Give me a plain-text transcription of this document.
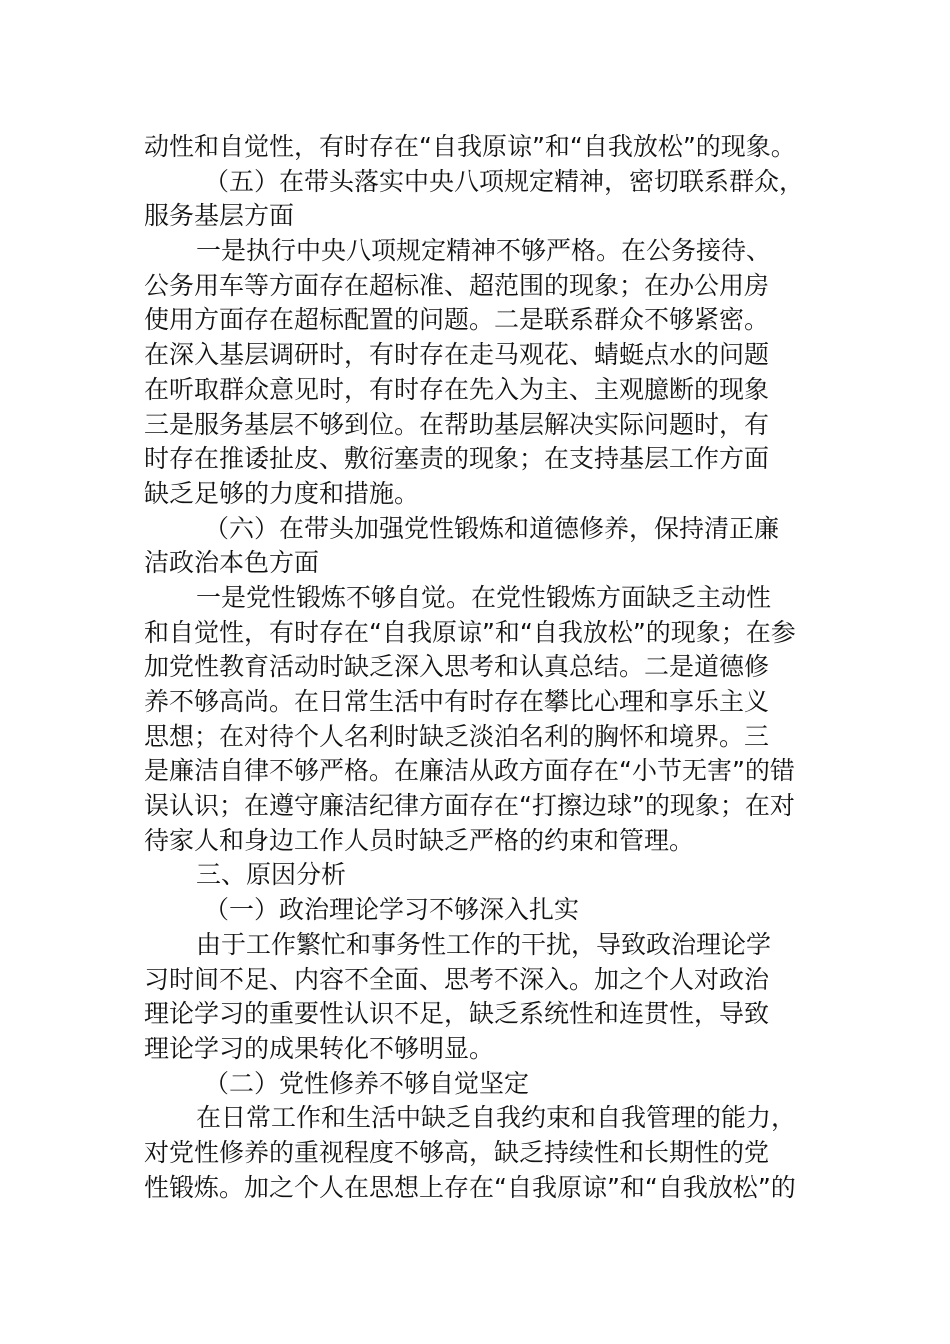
动性和自觉性，有时存在“自我原谅”和“自我放松”的现象。
（五）在带头落实中央八项规定精神，密切联系群众，
服务基层方面
一是执行中央八项规定精神不够严格。在公务接待、
公务用车等方面存在超标准、超范围的现象；在办公用房
使用方面存在超标配置的问题。二是联系群众不够紧密。
在深入基层调研时，有时存在走马观花、蜻蜓点水的问题
在听取群众意见时，有时存在先入为主、主观臆断的现象
三是服务基层不够到位。在帮助基层解决实际问题时，有
时存在推诿扯皮、敷衍塞责的现象；在支持基层工作方面
缺乏足够的力度和措施。
（六）在带头加强党性锻炼和道德修养，保持清正廉
洁政治本色方面
一是党性锻炼不够自觉。在党性锻炼方面缺乏主动性
和自觉性，有时存在“自我原谅”和“自我放松”的现象；在参
加党性教育活动时缺乏深入思考和认真总结。二是道德修
养不够高尚。在日常生活中有时存在攀比心理和享乐主义
思想；在对待个人名利时缺乏淡泊名利的胸怀和境界。三
是廉洁自律不够严格。在廉洁从政方面存在“小节无害”的错
误认识；在遵守廉洁纪律方面存在“打擦边球”的现象；在对
待家人和身边工作人员时缺乏严格的约束和管理。
三、原因分析
（一）政治理论学习不够深入扎实
由于工作繁忙和事务性工作的干扰，导致政治理论学
习时间不足、内容不全面、思考不深入。加之个人对政治
理论学习的重要性认识不足，缺乏系统性和连贯性，导致
理论学习的成果转化不够明显。
（二）党性修养不够自觉坚定
在日常工作和生活中缺乏自我约束和自我管理的能力，
对党性修养的重视程度不够高，缺乏持续性和长期性的党
性锻炼。加之个人在思想上存在“自我原谅”和“自我放松”的
